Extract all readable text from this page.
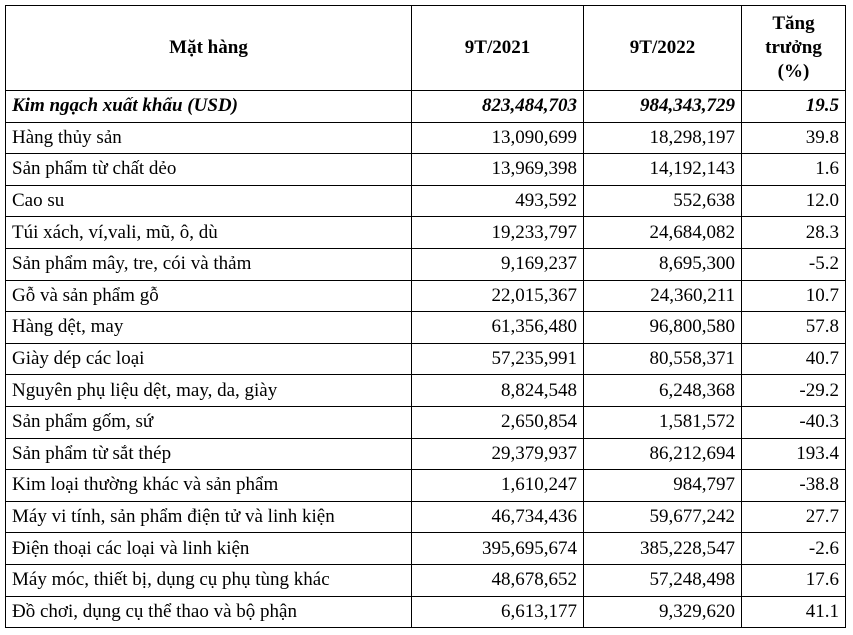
Mặt hàng	9T/2021	9T/2022	Tăng
trưởng
(%)

Kim ngạch xuất khẩu (USD)	823,484,703	984,343,729	19.5
Hàng thủy sản	13,090,699	18,298,197	39.8
Sản phẩm từ chất dẻo	13,969,398	14,192,143	1.6
Cao su	493,592	552,638	12.0
Túi xách, ví,vali, mũ, ô, dù	19,233,797	24,684,082	28.3
Sản phẩm mây, tre, cói và thảm	9,169,237	8,695,300	-5.2
Gỗ và sản phẩm gỗ	22,015,367	24,360,211	10.7
Hàng dệt, may	61,356,480	96,800,580	57.8
Giày dép các loại	57,235,991	80,558,371	40.7
Nguyên phụ liệu dệt, may, da, giày	8,824,548	6,248,368	-29.2
Sản phẩm gốm, sứ	2,650,854	1,581,572	-40.3
Sản phẩm từ sắt thép	29,379,937	86,212,694	193.4
Kim loại thường khác và sản phẩm	1,610,247	984,797	-38.8
Máy vi tính, sản phẩm điện tử và linh kiện	46,734,436	59,677,242	27.7
Điện thoại các loại và linh kiện	395,695,674	385,228,547	-2.6
Máy móc, thiết bị, dụng cụ phụ tùng khác	48,678,652	57,248,498	17.6
Đồ chơi, dụng cụ thể thao và bộ phận	6,613,177	9,329,620	41.1
